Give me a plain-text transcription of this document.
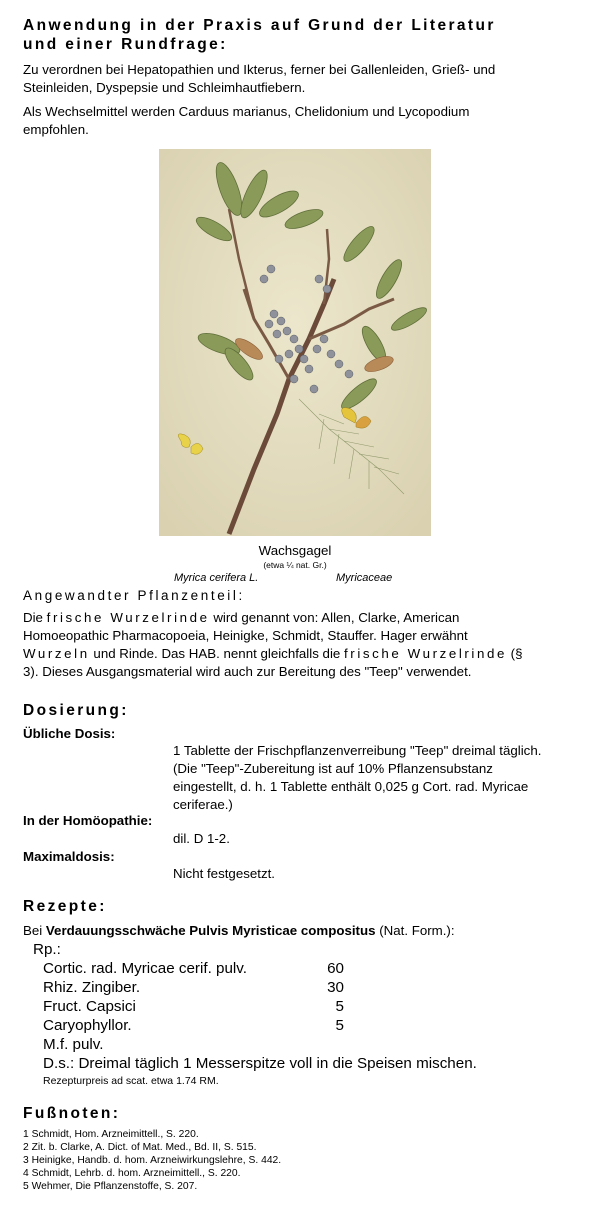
Anwendung in der Praxis auf Grund der Literatur
und einer Rundfrage:
Zu verordnen bei Hepatopathien und Ikterus, ferner bei Gallenleiden, Grieß- und
Steinleiden, Dyspepsie und Schleimhautfiebern.
Als Wechselmittel werden Carduus marianus, Chelidonium und Lycopodium
empfohlen.
Wachsgagel
(etwa ¼ nat. Gr.)
Myrica cerifera L.	Myricaceae
Angewandter Pflanzenteil:
Die frische Wurzelrinde wird genannt von: Allen, Clarke, American
Homoeopathic Pharmacopoeia, Heinigke, Schmidt, Stauffer. Hager erwähnt
Wurzeln und Rinde. Das HAB. nennt gleichfalls die frische Wurzelrinde (§
3). Dieses Ausgangsmaterial wird auch zur Bereitung des "Teep" verwendet.
Dosierung:
Übliche Dosis:
1 Tablette der Frischpflanzenverreibung "Teep" dreimal täglich.
(Die "Teep"-Zubereitung ist auf 10% Pflanzensubstanz
eingestellt, d. h. 1 Tablette enthält 0,025 g Cort. rad. Myricae
ceriferae.)
In der Homöopathie:
dil. D 1-2.
Maximaldosis:
Nicht festgesetzt.
Rezepte:
Bei Verdauungsschwäche Pulvis Myristicae compositus (Nat. Form.):
Rp.:
Cortic. rad. Myricae cerif. pulv.	60
Rhiz. Zingiber.	30
Fruct. Capsici	5
Caryophyllor.	5
M.f. pulv.
D.s.: Dreimal täglich 1 Messerspitze voll in die Speisen mischen.
Rezepturpreis ad scat. etwa 1.74 RM.
Fußnoten:
1 Schmidt, Hom. Arzneimittell., S. 220.
2 Zit. b. Clarke, A. Dict. of Mat. Med., Bd. II, S. 515.
3 Heinigke, Handb. d. hom. Arzneiwirkungslehre, S. 442.
4 Schmidt, Lehrb. d. hom. Arzneimittell., S. 220.
5 Wehmer, Die Pflanzenstoffe, S. 207.
